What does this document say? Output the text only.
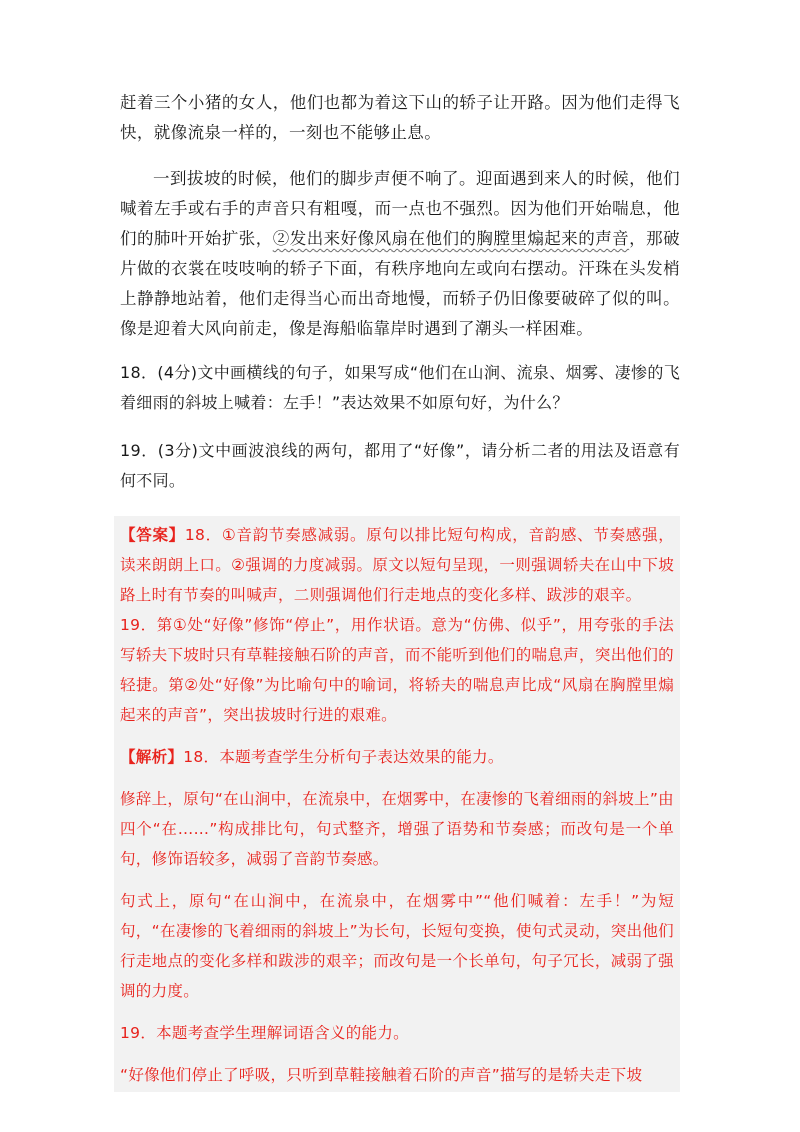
赶着三个小猪的女人，他们也都为着这下山的轿子让开路。因为他们走得飞快，就像流泉一样的，一刻也不能够止息。

一到拔坡的时候，他们的脚步声便不响了。迎面遇到来人的时候，他们喊着左手或右手的声音只有粗嘎，而一点也不强烈。因为他们开始喘息，他们的肺叶开始扩张，②发出来好像风扇在他们的胸膛里煽起来的声音，那破片做的衣裳在吱吱响的轿子下面，有秩序地向左或向右摆动。汗珠在头发梢上静静地站着，他们走得当心而出奇地慢，而轿子仍旧像要破碎了似的叫。像是迎着大风向前走，像是海船临靠岸时遇到了潮头一样困难。

18．(4分)文中画横线的句子，如果写成“他们在山涧、流泉、烟雾、凄惨的飞着细雨的斜坡上喊着：左手！”表达效果不如原句好，为什么？

19．(3分)文中画波浪线的两句，都用了“好像”，请分析二者的用法及语意有何不同。

【答案】18．①音韵节奏感减弱。原句以排比短句构成，音韵感、节奏感强，读来朗朗上口。②强调的力度减弱。原文以短句呈现，一则强调轿夫在山中下坡路上时有节奏的叫喊声，二则强调他们行走地点的变化多样、跋涉的艰辛。

19．第①处“好像”修饰“停止”，用作状语。意为“仿佛、似乎”，用夸张的手法写轿夫下坡时只有草鞋接触石阶的声音，而不能听到他们的喘息声，突出他们的轻捷。第②处“好像”为比喻句中的喻词，将轿夫的喘息声比成“风扇在胸膛里煽起来的声音”，突出拔坡时行进的艰难。

【解析】18．本题考查学生分析句子表达效果的能力。

修辞上，原句“在山涧中，在流泉中，在烟雾中，在凄惨的飞着细雨的斜坡上”由四个“在……”构成排比句，句式整齐，增强了语势和节奏感；而改句是一个单句，修饰语较多，减弱了音韵节奏感。

句式上，原句“在山涧中，在流泉中，在烟雾中”“他们喊着：左手！”为短句，“在凄惨的飞着细雨的斜坡上”为长句，长短句变换，使句式灵动，突出他们行走地点的变化多样和跋涉的艰辛；而改句是一个长单句，句子冗长，减弱了强调的力度。

19．本题考查学生理解词语含义的能力。

“好像他们停止了呼吸，只听到草鞋接触着石阶的声音”描写的是轿夫走下坡
